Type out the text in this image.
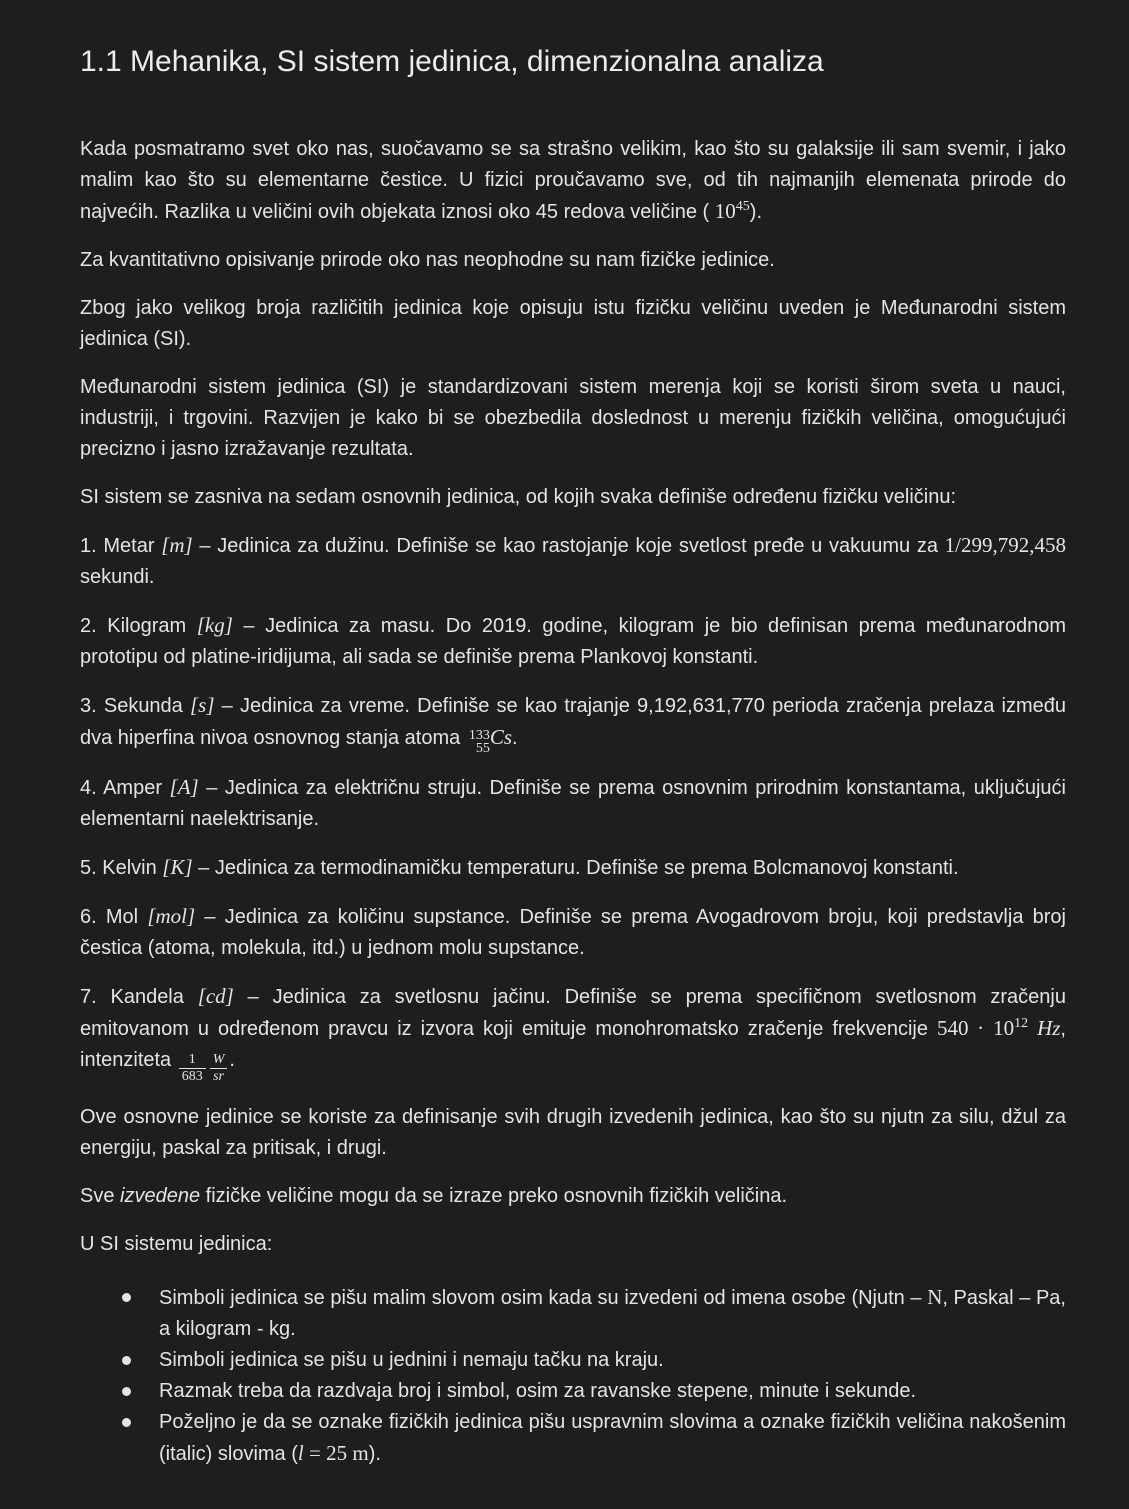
1.1 Mehanika, SI sistem jedinica, dimenzionalna analiza

Kada posmatramo svet oko nas, suočavamo se sa strašno velikim, kao što su galaksije ili sam svemir, i jako malim kao što su elementarne čestice. U fizici proučavamo sve, od tih najmanjih elemenata prirode do najvećih. Razlika u veličini ovih objekata iznosi oko 45 redova veličine ( $10^{45}$).

Za kvantitativno opisivanje prirode oko nas neophodne su nam fizičke jedinice.

Zbog jako velikog broja različitih jedinica koje opisuju istu fizičku veličinu uveden je Međunarodni sistem jedinica (SI).

Međunarodni sistem jedinica (SI) je standardizovani sistem merenja koji se koristi širom sveta u nauci, industriji, i trgovini. Razvijen je kako bi se obezbedila doslednost u merenju fizičkih veličina, omogućujući precizno i jasno izražavanje rezultata.

SI sistem se zasniva na sedam osnovnih jedinica, od kojih svaka definiše određenu fizičku veličinu:

1. Metar [m] – Jedinica za dužinu. Definiše se kao rastojanje koje svetlost pređe u vakuumu za 1/299,792,458 sekundi.

2. Kilogram [kg] – Jedinica za masu. Do 2019. godine, kilogram je bio definisan prema međunarodnom prototipu od platine-iridijuma, ali sada se definiše prema Plankovoj konstanti.

3. Sekunda [s] – Jedinica za vreme. Definiše se kao trajanje 9,192,631,770 perioda zračenja prelaza između dva hiperfina nivoa osnovnog stanja atoma 133
55 Cs.

4. Amper [A] – Jedinica za električnu struju. Definiše se prema osnovnim prirodnim konstantama, uključujući elementarni naelektrisanje.

5. Kelvin [K] – Jedinica za termodinamičku temperaturu. Definiše se prema Bolcmanovoj konstanti.

6. Mol [mol] – Jedinica za količinu supstance. Definiše se prema Avogadrovom broju, koji predstavlja broj čestica (atoma, molekula, itd.) u jednom molu supstance.

7. Kandela [cd] – Jedinica za svetlosnu jačinu. Definiše se prema specifičnom svetlosnom zračenju emitovanom u određenom pravcu iz izvora koji emituje monohromatsko zračenje frekvencije $540 \cdot 10^{12}$ Hz, intenziteta $\frac{1}{683} \frac{W}{sr}$ .

Ove osnovne jedinice se koriste za definisanje svih drugih izvedenih jedinica, kao što su njutn za silu, džul za energiju, paskal za pritisak, i drugi.

Sve izvedene fizičke veličine mogu da se izraze preko osnovnih fizičkih veličina.

U SI sistemu jedinica:

Simboli jedinica se pišu malim slovom osim kada su izvedeni od imena osobe (Njutn – N, Paskal – Pa, a kilogram - kg.
Simboli jedinica se pišu u jednini i nemaju tačku na kraju.
Razmak treba da razdvaja broj i simbol, osim za ravanske stepene, minute i sekunde.
Poželjno je da se oznake fizičkih jedinica pišu uspravnim slovima a oznake fizičkih veličina nakošenim (italic) slovima (l = 25 m).
